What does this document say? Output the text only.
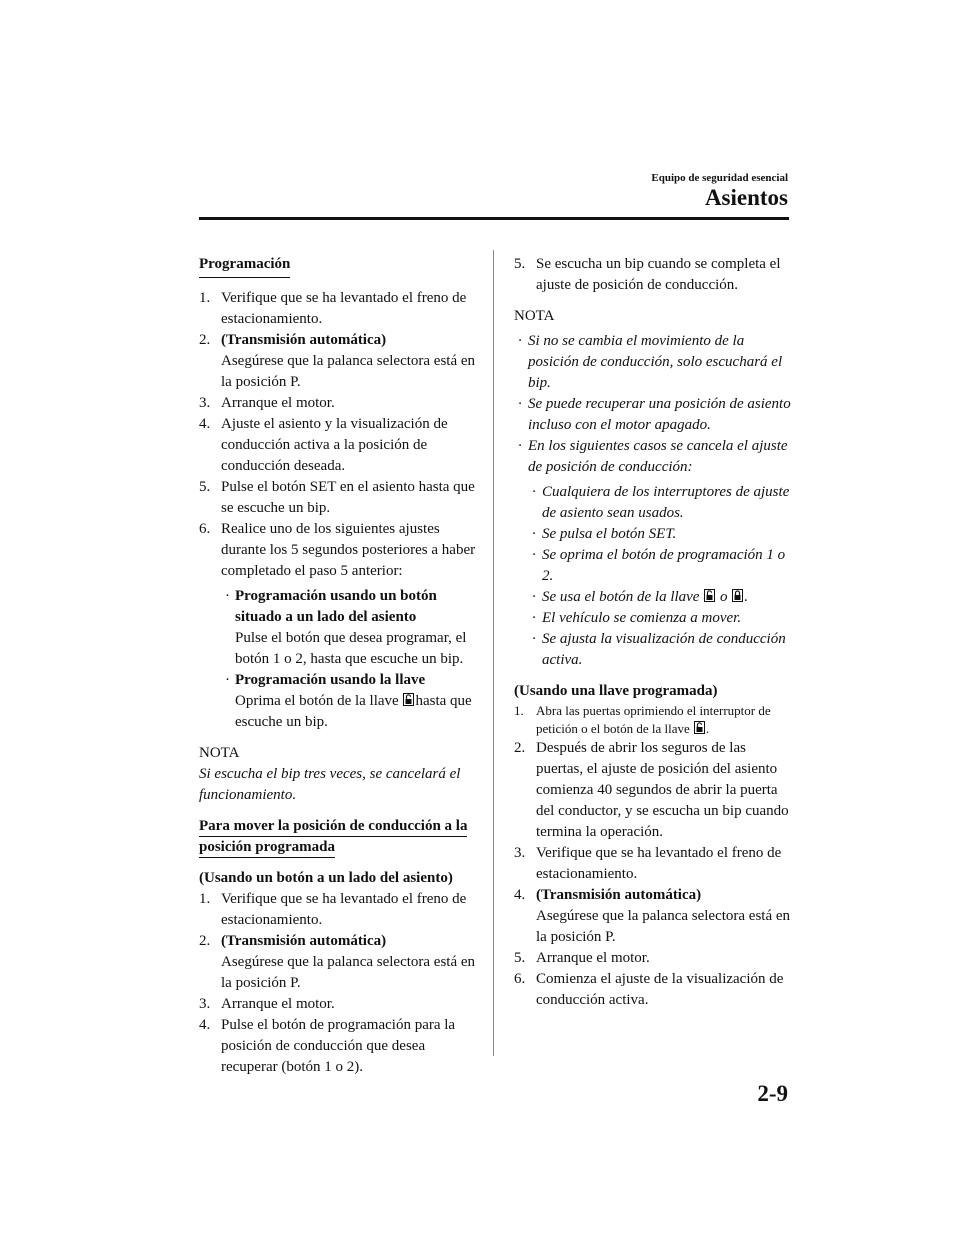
Equipo de seguridad esencial
Asientos
Programación
1. Verifique que se ha levantado el freno de estacionamiento.
2. (Transmisión automática)
Asegúrese que la palanca selectora está en la posición P.
3. Arranque el motor.
4. Ajuste el asiento y la visualización de conducción activa a la posición de conducción deseada.
5. Pulse el botón SET en el asiento hasta que se escuche un bip.
6. Realice uno de los siguientes ajustes durante los 5 segundos posteriores a haber completado el paso 5 anterior:
· Programación usando un botón situado a un lado del asiento
Pulse el botón que desea programar, el botón 1 o 2, hasta que escuche un bip.
· Programación usando la llave
Oprima el botón de la llave hasta que escuche un bip.
NOTA
Si escucha el bip tres veces, se cancelará el funcionamiento.
Para mover la posición de conducción a la posición programada
(Usando un botón a un lado del asiento)
1. Verifique que se ha levantado el freno de estacionamiento.
2. (Transmisión automática)
Asegúrese que la palanca selectora está en la posición P.
3. Arranque el motor.
4. Pulse el botón de programación para la posición de conducción que desea recuperar (botón 1 o 2).
5. Se escucha un bip cuando se completa el ajuste de posición de conducción.
NOTA
· Si no se cambia el movimiento de la posición de conducción, solo escuchará el bip.
· Se puede recuperar una posición de asiento incluso con el motor apagado.
· En los siguientes casos se cancela el ajuste de posición de conducción:
· Cualquiera de los interruptores de ajuste de asiento sean usados.
· Se pulsa el botón SET.
· Se oprima el botón de programación 1 o 2.
· Se usa el botón de la llave  o .
· El vehículo se comienza a mover.
· Se ajusta la visualización de conducción activa.
(Usando una llave programada)
1. Abra las puertas oprimiendo el interruptor de petición o el botón de la llave .
2. Después de abrir los seguros de las puertas, el ajuste de posición del asiento comienza 40 segundos de abrir la puerta del conductor, y se escucha un bip cuando termina la operación.
3. Verifique que se ha levantado el freno de estacionamiento.
4. (Transmisión automática)
Asegúrese que la palanca selectora está en la posición P.
5. Arranque el motor.
6. Comienza el ajuste de la visualización de conducción activa.
2-9
